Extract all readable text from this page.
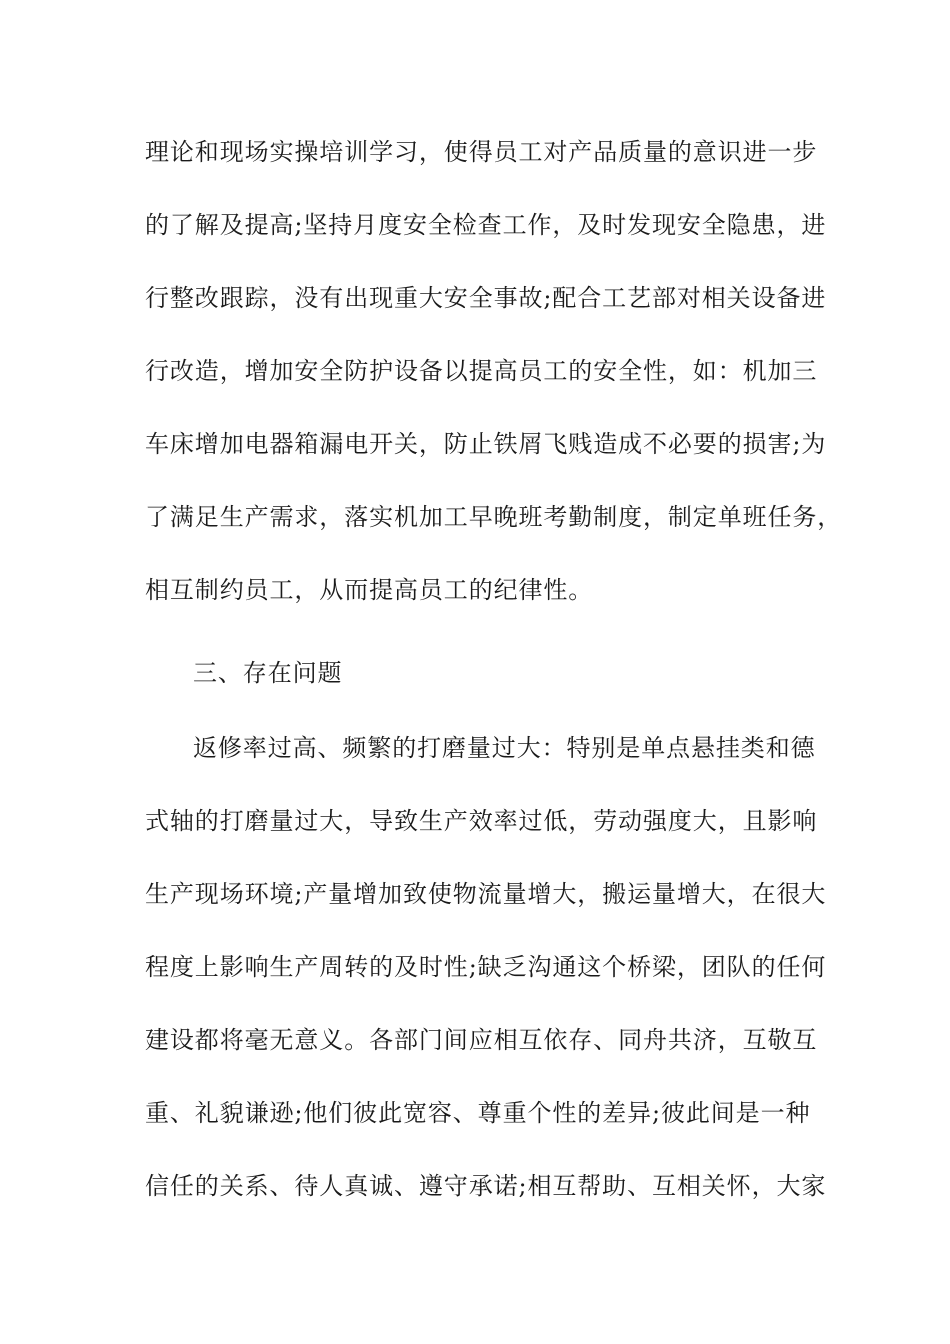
理论和现场实操培训学习，使得员工对产品质量的意识进一步
的了解及提高;坚持月度安全检查工作，及时发现安全隐患，进
行整改跟踪，没有出现重大安全事故;配合工艺部对相关设备进
行改造，增加安全防护设备以提高员工的安全性，如：机加三
车床增加电器箱漏电开关，防止铁屑飞贱造成不必要的损害;为
了满足生产需求，落实机加工早晚班考勤制度，制定单班任务，
相互制约员工，从而提高员工的纪律性。
三、存在问题
返修率过高、频繁的打磨量过大：特别是单点悬挂类和德
式轴的打磨量过大，导致生产效率过低，劳动强度大，且影响
生产现场环境;产量增加致使物流量增大，搬运量增大，在很大
程度上影响生产周转的及时性;缺乏沟通这个桥梁，团队的任何
建设都将毫无意义。各部门间应相互依存、同舟共济，互敬互
重、礼貌谦逊;他们彼此宽容、尊重个性的差异;彼此间是一种
信任的关系、待人真诚、遵守承诺;相互帮助、互相关怀，大家
